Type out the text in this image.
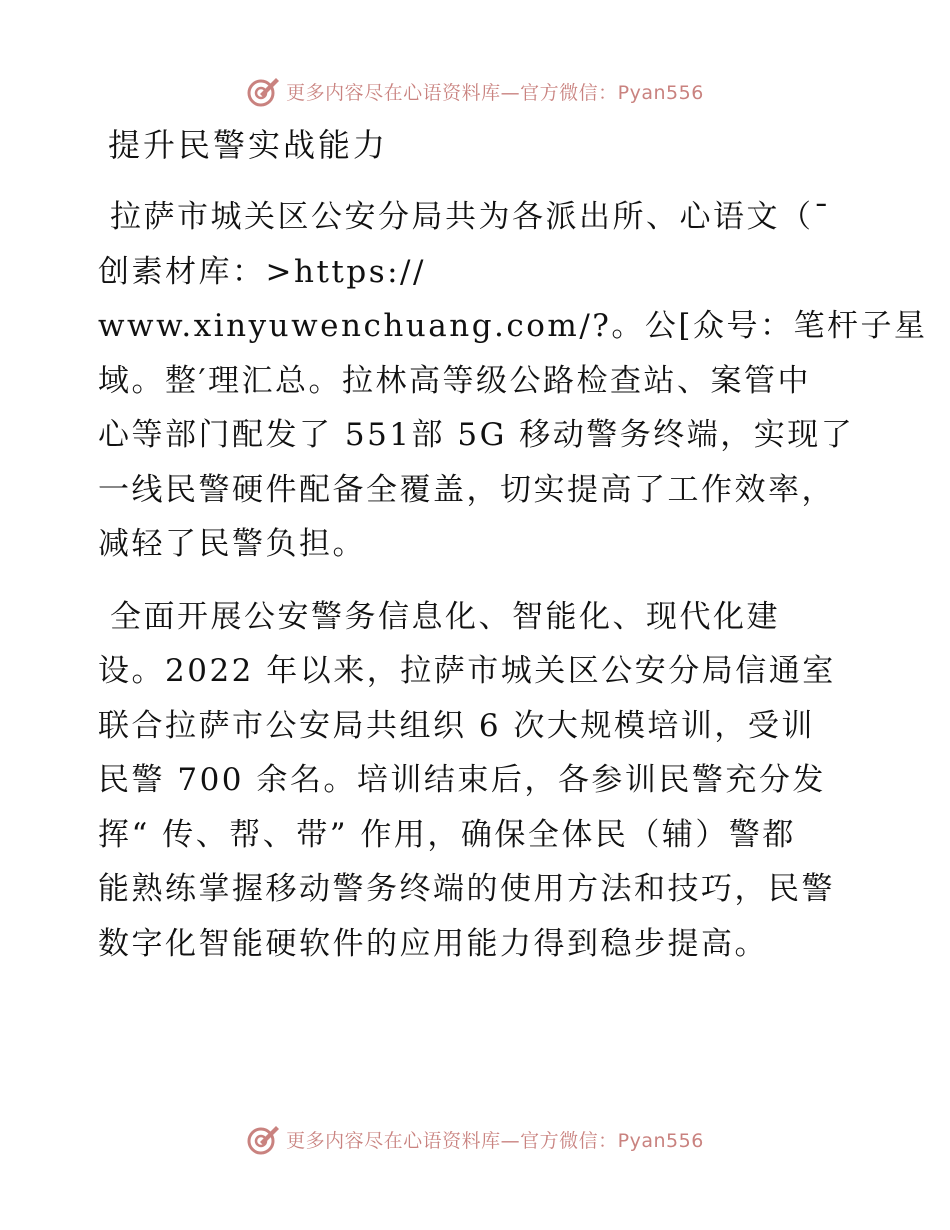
更多内容尽在心语资料库—官方微信：Pyan556
提升民警实战能力
拉萨市城关区公安分局共为各派出所、心语文（¯
创素材库：>https://
www.xinyuwenchuang.com/?。公[众号：笔杆子星
域。整′理汇总。拉林高等级公路检查站、案管中
心等部门配发了 551部 5G 移动警务终端，实现了
一线民警硬件配备全覆盖，切实提高了工作效率，
减轻了民警负担。
全面开展公安警务信息化、智能化、现代化建
设。2022 年以来，拉萨市城关区公安分局信通室
联合拉萨市公安局共组织 6 次大规模培训，受训
民警 700 余名。培训结束后，各参训民警充分发
挥“ 传、帮、带” 作用，确保全体民（辅）警都
能熟练掌握移动警务终端的使用方法和技巧，民警
数字化智能硬软件的应用能力得到稳步提高。
更多内容尽在心语资料库—官方微信：Pyan556
